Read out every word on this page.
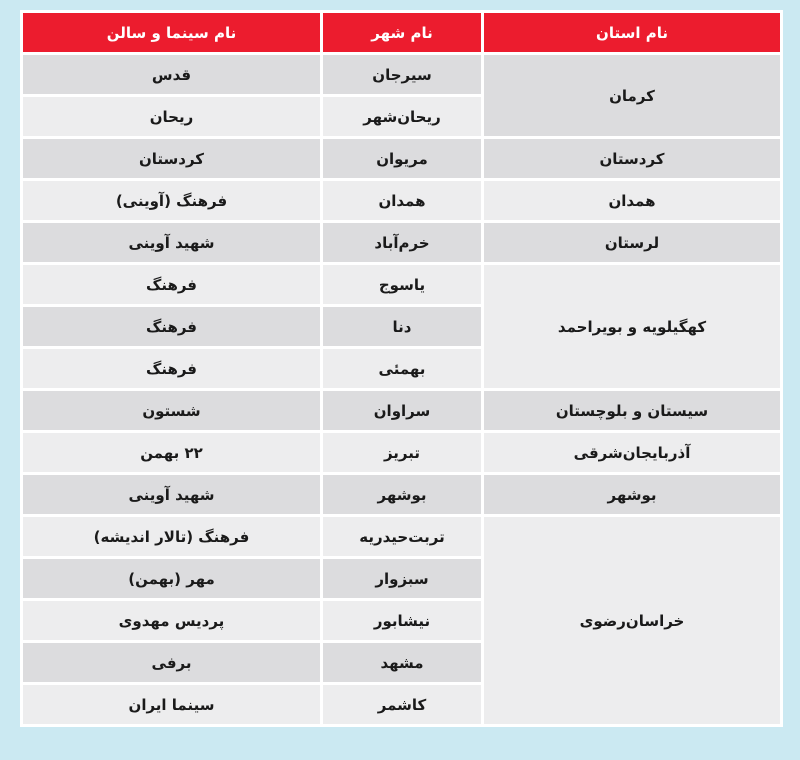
نام استان	نام شهر	نام سینما و سالن
کرمان	سیرجان	قدس
	ریحان‌شهر	ریحان
کردستان	مریوان	کردستان
همدان	همدان	فرهنگ (آوینی)
لرستان	خرم‌آباد	شهید آوینی
کهگیلویه و بویراحمد	یاسوج	فرهنگ
	دنا	فرهنگ
	بهمئی	فرهنگ
سیستان و بلوچستان	سراوان	شستون
آذربایجان‌شرقی	تبریز	۲۲ بهمن
بوشهر	بوشهر	شهید آوینی
خراسان‌رضوی	تربت‌حیدریه	فرهنگ (تالار اندیشه)
	سبزوار	مهر (بهمن)
	نیشابور	پردیس مهدوی
	مشهد	برفی
	کاشمر	سینما ایران
